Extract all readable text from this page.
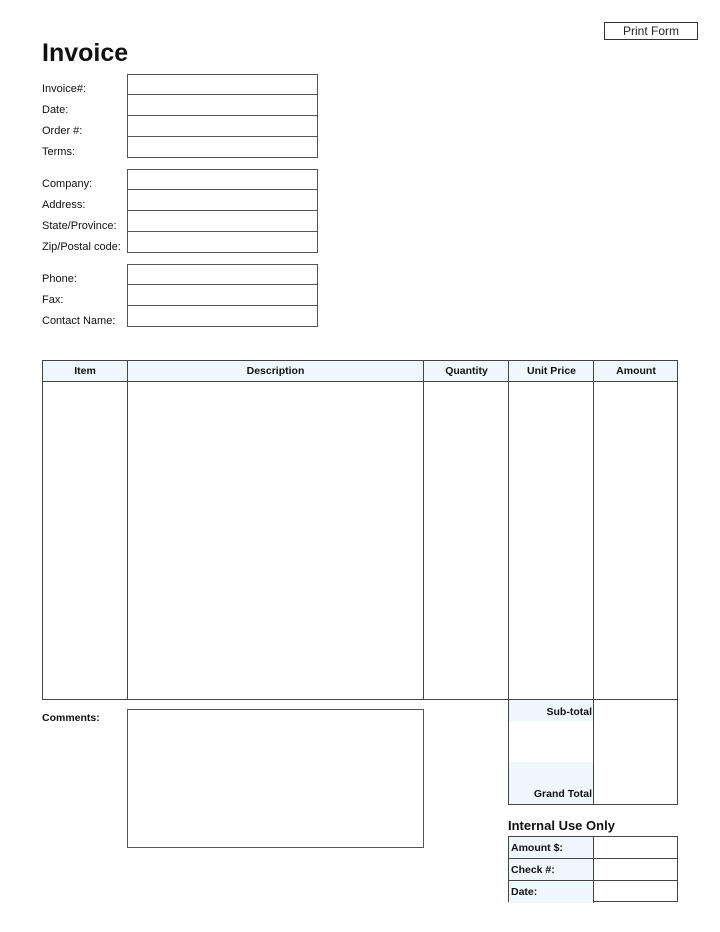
Print Form
Invoice
Invoice#:
Date:
Order #:
Terms:
Company:
Address:
State/Province:
Zip/Postal code:
Phone:
Fax:
Contact Name:
Item	Description	Quantity	Unit Price	Amount
Comments:	Sub-total
Grand Total
Internal Use Only
Amount $:
Check #:
Date:
